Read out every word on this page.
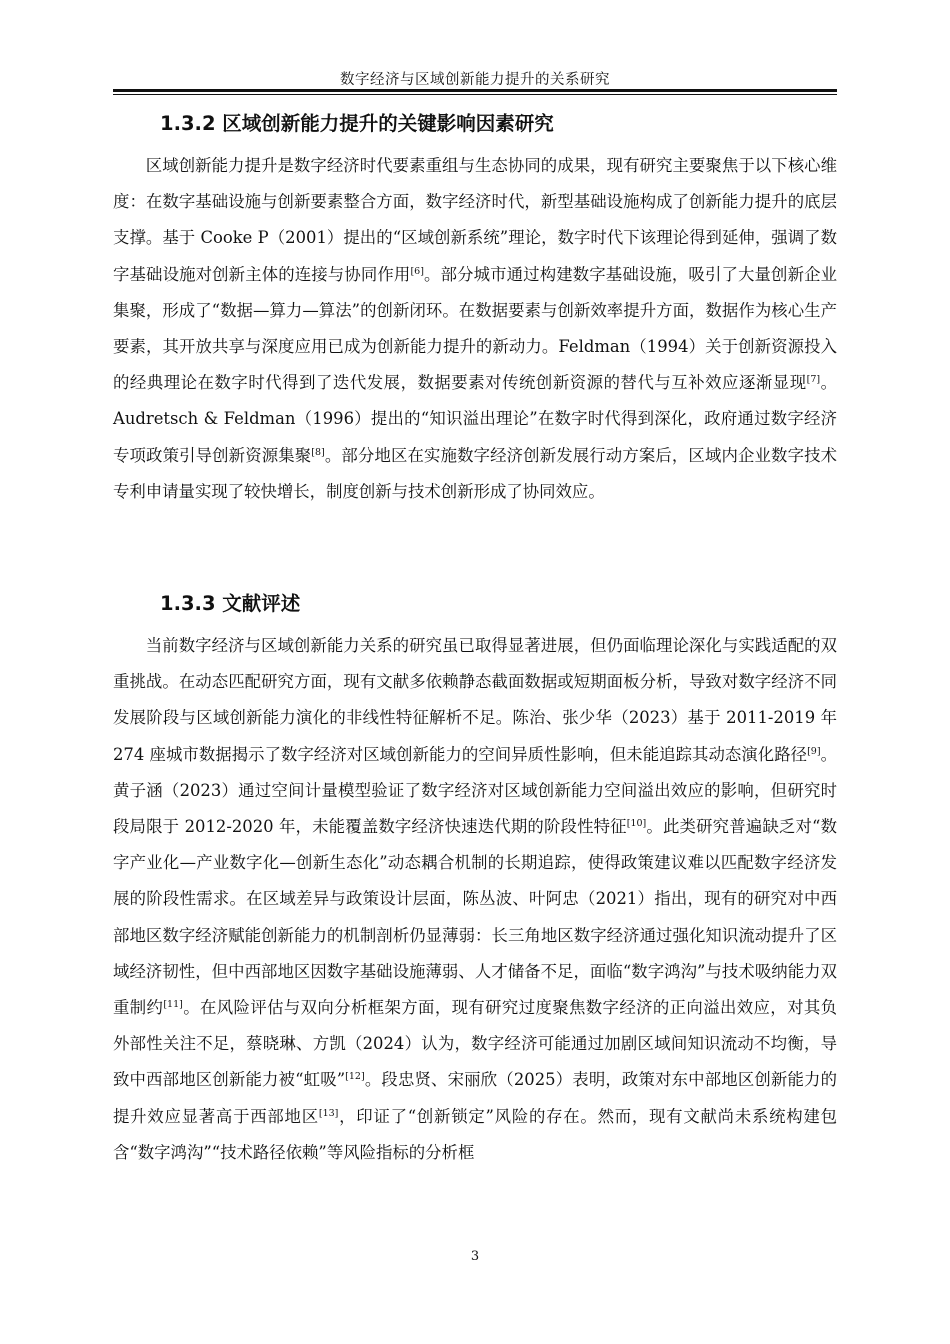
数字经济与区域创新能力提升的关系研究
1.3.2 区域创新能力提升的关键影响因素研究

区域创新能力提升是数字经济时代要素重组与生态协同的成果，现有研究主要聚焦于以下核心维度：在数字基础设施与创新要素整合方面，数字经济时代，新型基础设施构成了创新能力提升的底层支撑。基于 Cooke P（2001）提出的“区域创新系统”理论，数字时代下该理论得到延伸，强调了数字基础设施对创新主体的连接与协同作用[6]。部分城市通过构建数字基础设施，吸引了大量创新企业集聚，形成了“数据—算力—算法”的创新闭环。在数据要素与创新效率提升方面，数据作为核心生产要素，其开放共享与深度应用已成为创新能力提升的新动力。Feldman（1994）关于创新资源投入的经典理论在数字时代得到了迭代发展，数据要素对传统创新资源的替代与互补效应逐渐显现[7]。Audretsch & Feldman（1996）提出的“知识溢出理论”在数字时代得到深化，政府通过数字经济专项政策引导创新资源集聚[8]。部分地区在实施数字经济创新发展行动方案后，区域内企业数字技术专利申请量实现了较快增长，制度创新与技术创新形成了协同效应。

1.3.3 文献评述

当前数字经济与区域创新能力关系的研究虽已取得显著进展，但仍面临理论深化与实践适配的双重挑战。在动态匹配研究方面，现有文献多依赖静态截面数据或短期面板分析，导致对数字经济不同发展阶段与区域创新能力演化的非线性特征解析不足。陈治、张少华（2023）基于 2011-2019 年 274 座城市数据揭示了数字经济对区域创新能力的空间异质性影响，但未能追踪其动态演化路径[9]。黄子涵（2023）通过空间计量模型验证了数字经济对区域创新能力空间溢出效应的影响，但研究时段局限于 2012-2020 年，未能覆盖数字经济快速迭代期的阶段性特征[10]。此类研究普遍缺乏对“数字产业化—产业数字化—创新生态化”动态耦合机制的长期追踪，使得政策建议难以匹配数字经济发展的阶段性需求。在区域差异与政策设计层面，陈丛波、叶阿忠（2021）指出，现有的研究对中西部地区数字经济赋能创新能力的机制剖析仍显薄弱：长三角地区数字经济通过强化知识流动提升了区域经济韧性，但中西部地区因数字基础设施薄弱、人才储备不足，面临“数字鸿沟”与技术吸纳能力双重制约[11]。在风险评估与双向分析框架方面，现有研究过度聚焦数字经济的正向溢出效应，对其负外部性关注不足，蔡晓琳、方凯（2024）认为，数字经济可能通过加剧区域间知识流动不均衡，导致中西部地区创新能力被“虹吸”[12]。段忠贤、宋丽欣（2025）表明，政策对东中部地区创新能力的提升效应显著高于西部地区[13]，印证了“创新锁定”风险的存在。然而，现有文献尚未系统构建包含“数字鸿沟”“技术路径依赖”等风险指标的分析框

3
